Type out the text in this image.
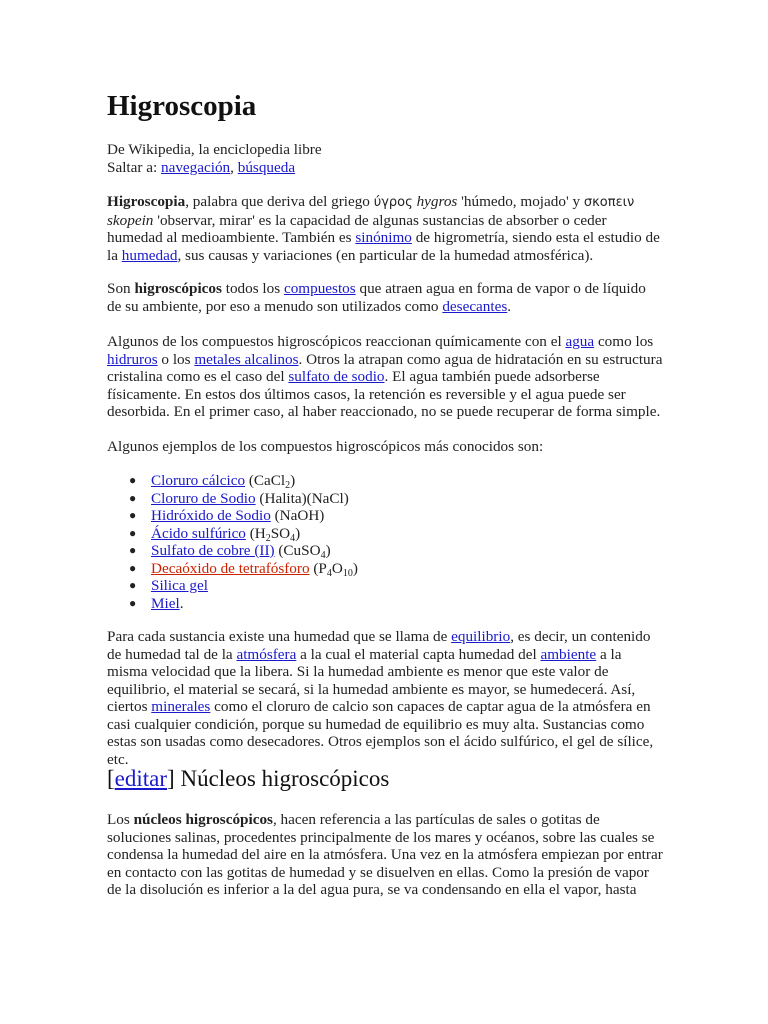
Higroscopia

De Wikipedia, la enciclopedia libre

Saltar a: navegación, búsqueda

Higroscopia, palabra que deriva del griego ύγρος hygros 'húmedo, mojado' y σκοπειν skopein 'observar, mirar' es la capacidad de algunas sustancias de absorber o ceder humedad al medioambiente. También es sinónimo de higrometría, siendo esta el estudio de la humedad, sus causas y variaciones (en particular de la humedad atmosférica).

Son higroscópicos todos los compuestos que atraen agua en forma de vapor o de líquido de su ambiente, por eso a menudo son utilizados como desecantes.

Algunos de los compuestos higroscópicos reaccionan químicamente con el agua como los hidruros o los metales alcalinos. Otros la atrapan como agua de hidratación en su estructura cristalina como es el caso del sulfato de sodio. El agua también puede adsorberse físicamente. En estos dos últimos casos, la retención es reversible y el agua puede ser desorbida. En el primer caso, al haber reaccionado, no se puede recuperar de forma simple.

Algunos ejemplos de los compuestos higroscópicos más conocidos son:

● Cloruro cálcico (CaCl$_2$)
● Cloruro de Sodio (Halita)(NaCl)
● Hidróxido de Sodio (NaOH)
● Ácido sulfúrico $(H_2SO_4)$
● Sulfato de cobre (II) (CuSO$_4$)
● Decaóxido de tetrafósforo $(P_4O_{10})$
● Silica gel
● Miel.

Para cada sustancia existe una humedad que se llama de equilibrio, es decir, un contenido de humedad tal de la atmósfera a la cual el material capta humedad del ambiente a la misma velocidad que la libera. Si la humedad ambiente es menor que este valor de equilibrio, el material se secará, si la humedad ambiente es mayor, se humedecerá. Así, ciertos minerales como el cloruro de calcio son capaces de captar agua de la atmósfera en casi cualquier condición, porque su humedad de equilibrio es muy alta. Sustancias como estas son usadas como desecadores. Otros ejemplos son el ácido sulfúrico, el gel de sílice, etc.

[editar] Núcleos higroscópicos

Los núcleos higroscópicos, hacen referencia a las partículas de sales o gotitas de soluciones salinas, procedentes principalmente de los mares y océanos, sobre las cuales se condensa la humedad del aire en la atmósfera. Una vez en la atmósfera empiezan por entrar en contacto con las gotitas de humedad y se disuelven en ellas. Como la presión de vapor de la disolución es inferior a la del agua pura, se va condensando en ella el vapor, hasta
